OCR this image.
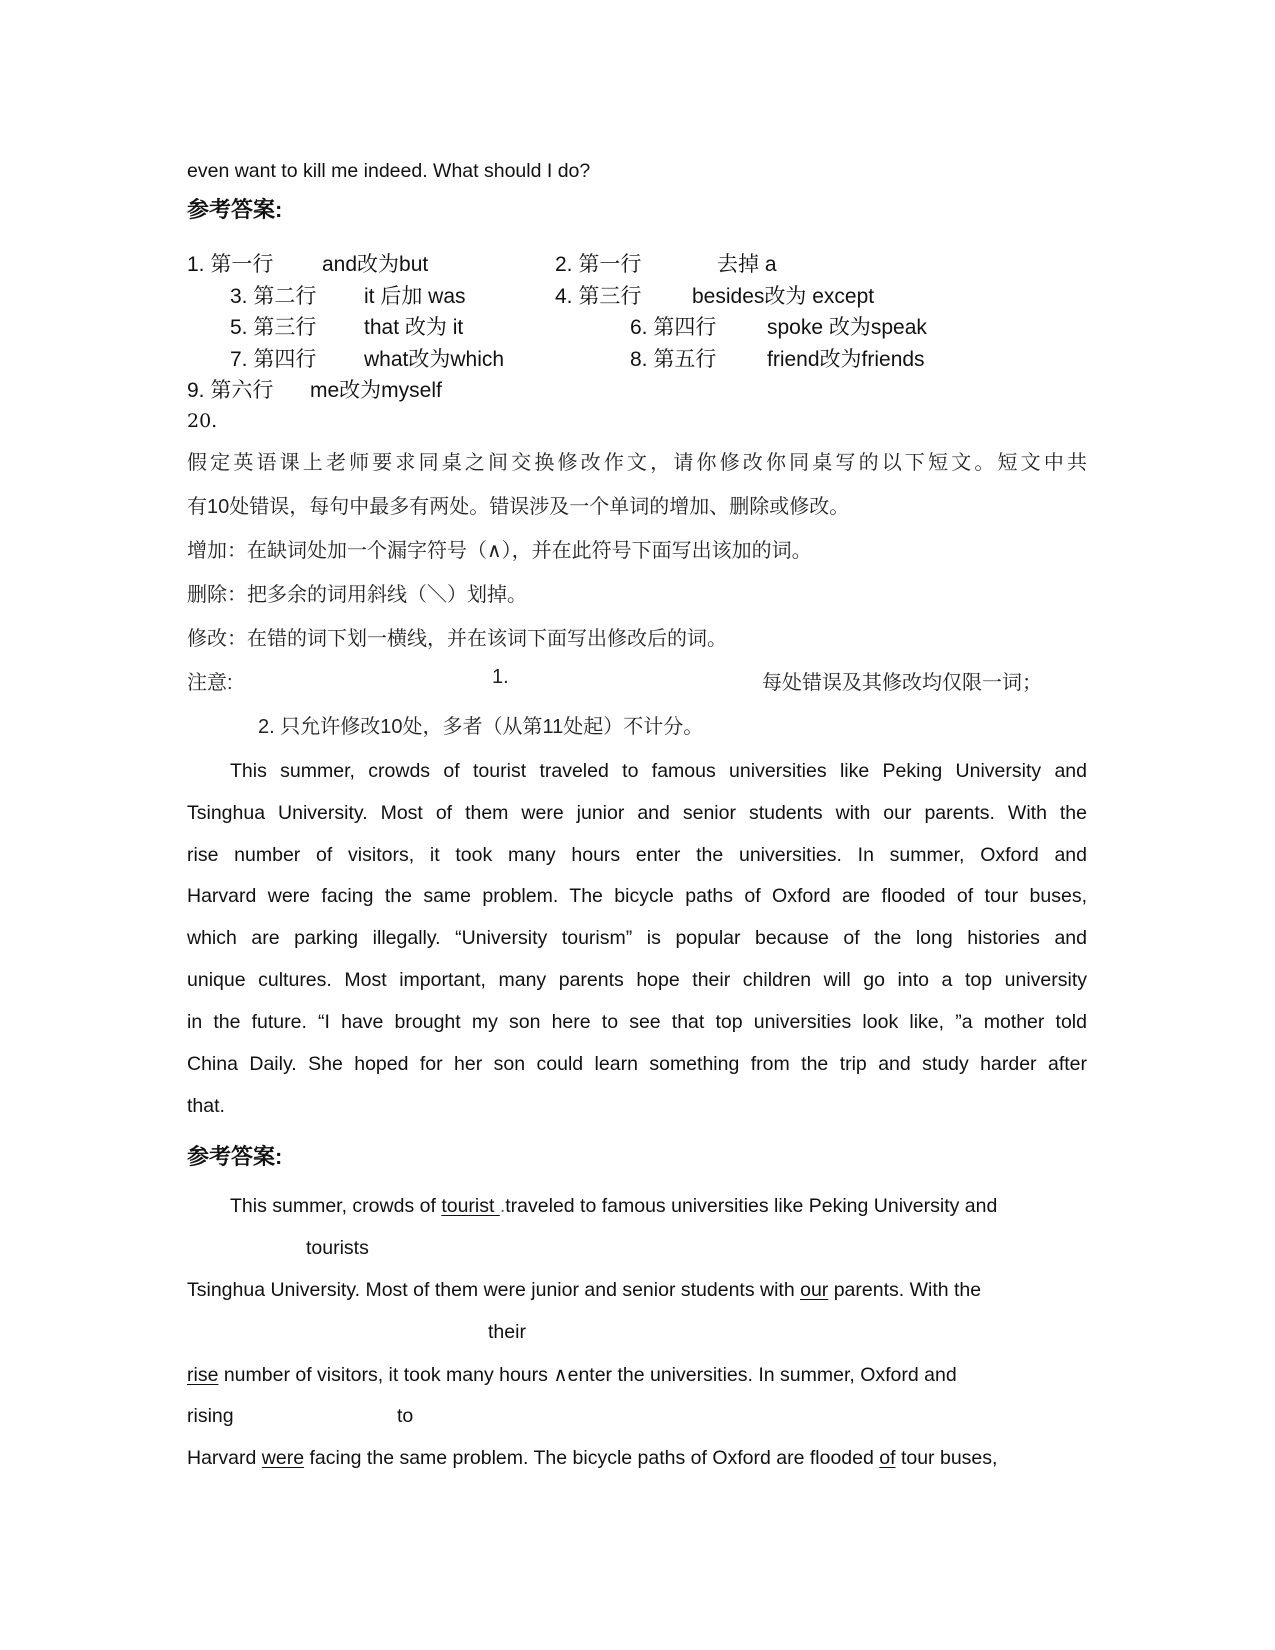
even want to kill me indeed. What should I do?
参考答案:
1. 第一行 and改为but	2. 第一行	去掉 a
3. 第二行 it 后加 was	4. 第三行 besides改为 except
5. 第三行 that 改为 it	6. 第四行 spoke 改为speak
7. 第四行 what改为which	8. 第五行 friend改为friends
9. 第六行 me改为myself
20.
假定英语课上老师要求同桌之间交换修改作文，请你修改你同桌写的以下短文。短文中共
有10处错误，每句中最多有两处。错误涉及一个单词的增加、删除或修改。
增加：在缺词处加一个漏字符号（∧），并在此符号下面写出该加的词。
删除：把多余的词用斜线（＼）划掉。
修改：在错的词下划一横线，并在该词下面写出修改后的词。
注意:	1.	每处错误及其修改均仅限一词；
2. 只允许修改10处，多者（从第11处起）不计分。
This summer, crowds of tourist traveled to famous universities like Peking University and
Tsinghua University. Most of them were junior and senior students with our parents. With the
rise number of visitors, it took many hours enter the universities. In summer, Oxford and
Harvard were facing the same problem. The bicycle paths of Oxford are flooded of tour buses,
which are parking illegally. “University tourism” is popular because of the long histories and
unique cultures. Most important, many parents hope their children will go into a top university
in the future. “I have brought my son here to see that top universities look like, ”a mother told
China Daily. She hoped for her son could learn something from the trip and study harder after
that.
参考答案:
This summer, crowds of tourist .traveled to famous universities like Peking University and
tourists
Tsinghua University. Most of them were junior and senior students with our parents. With the
their
rise number of visitors, it took many hours ∧enter the universities. In summer, Oxford and
rising	to
Harvard were facing the same problem. The bicycle paths of Oxford are flooded of tour buses,
